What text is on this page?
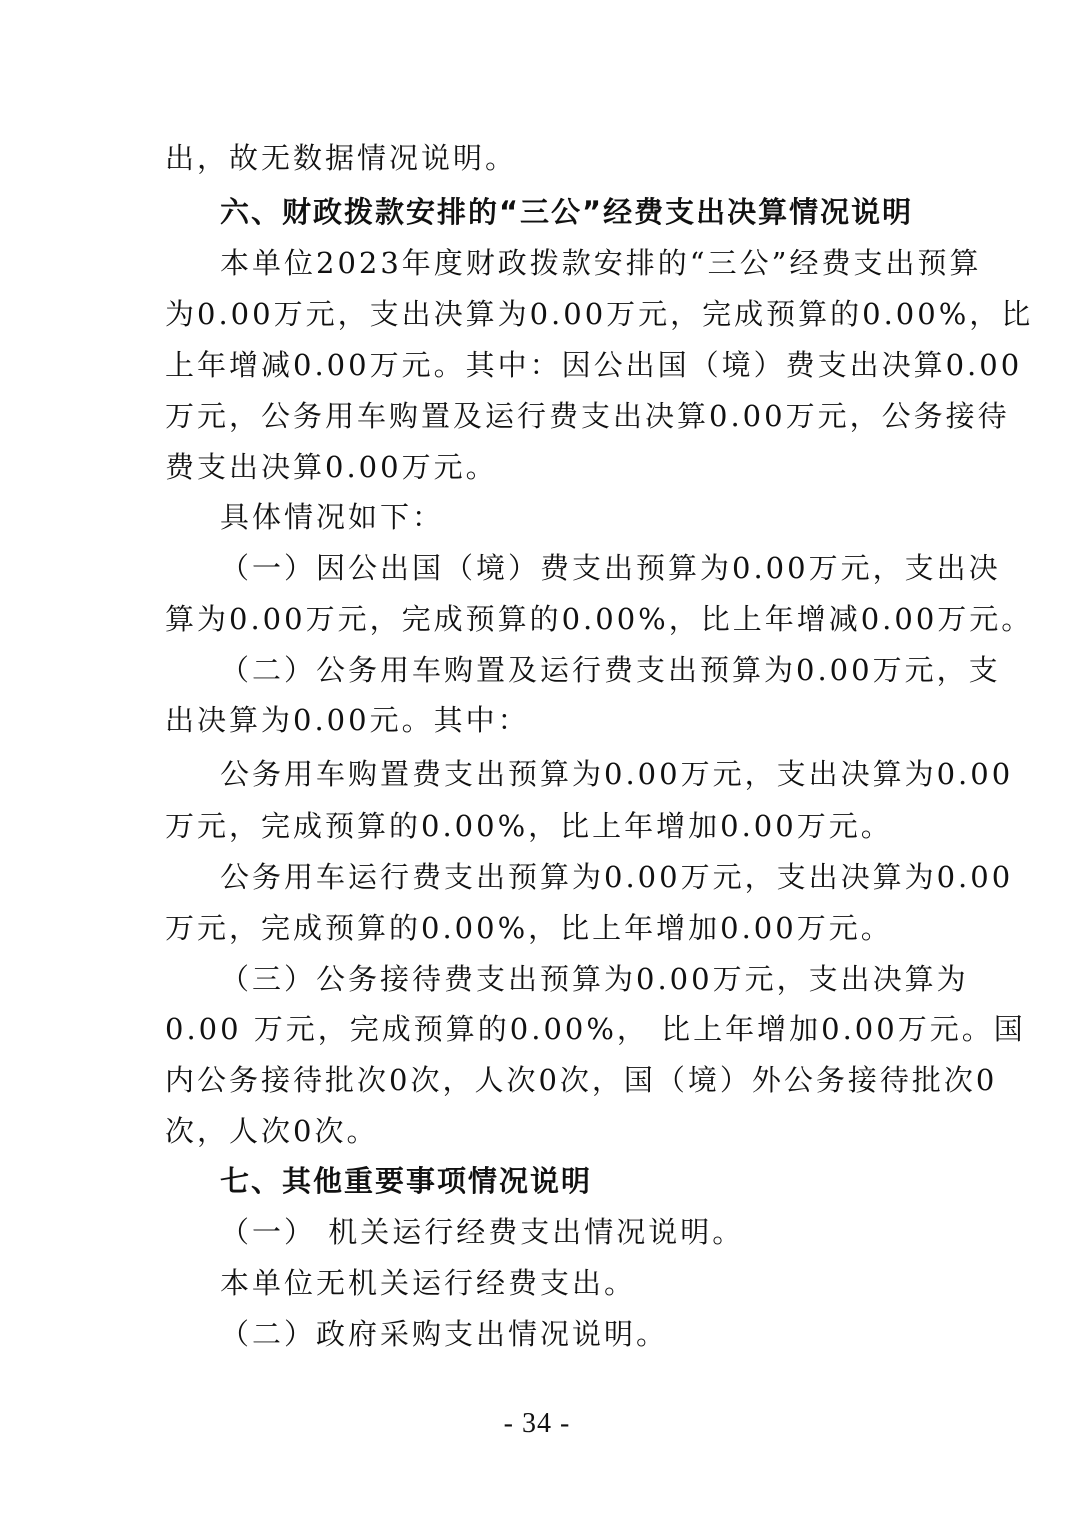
出，故无数据情况说明。
六、财政拨款安排的“三公”经费支出决算情况说明
本单位2023年度财政拨款安排的“三公”经费支出预算
为0.00万元，支出决算为0.00万元，完成预算的0.00%，比
上年增减0.00万元。其中：因公出国（境）费支出决算0.00
万元，公务用车购置及运行费支出决算0.00万元，公务接待
费支出决算0.00万元。
具体情况如下：
（一）因公出国（境）费支出预算为0.00万元，支出决
算为0.00万元，完成预算的0.00%，比上年增减0.00万元。
（二）公务用车购置及运行费支出预算为0.00万元，支
出决算为0.00元。其中：
公务用车购置费支出预算为0.00万元，支出决算为0.00
万元，完成预算的0.00%，比上年增加0.00万元。
公务用车运行费支出预算为0.00万元，支出决算为0.00
万元，完成预算的0.00%，比上年增加0.00万元。
（三）公务接待费支出预算为0.00万元，支出决算为
0.00 万元，完成预算的0.00%， 比上年增加0.00万元。国
内公务接待批次0次，人次0次，国（境）外公务接待批次0
次，人次0次。
七、其他重要事项情况说明
（一） 机关运行经费支出情况说明。
本单位无机关运行经费支出。
（二）政府采购支出情况说明。
- 34 -
